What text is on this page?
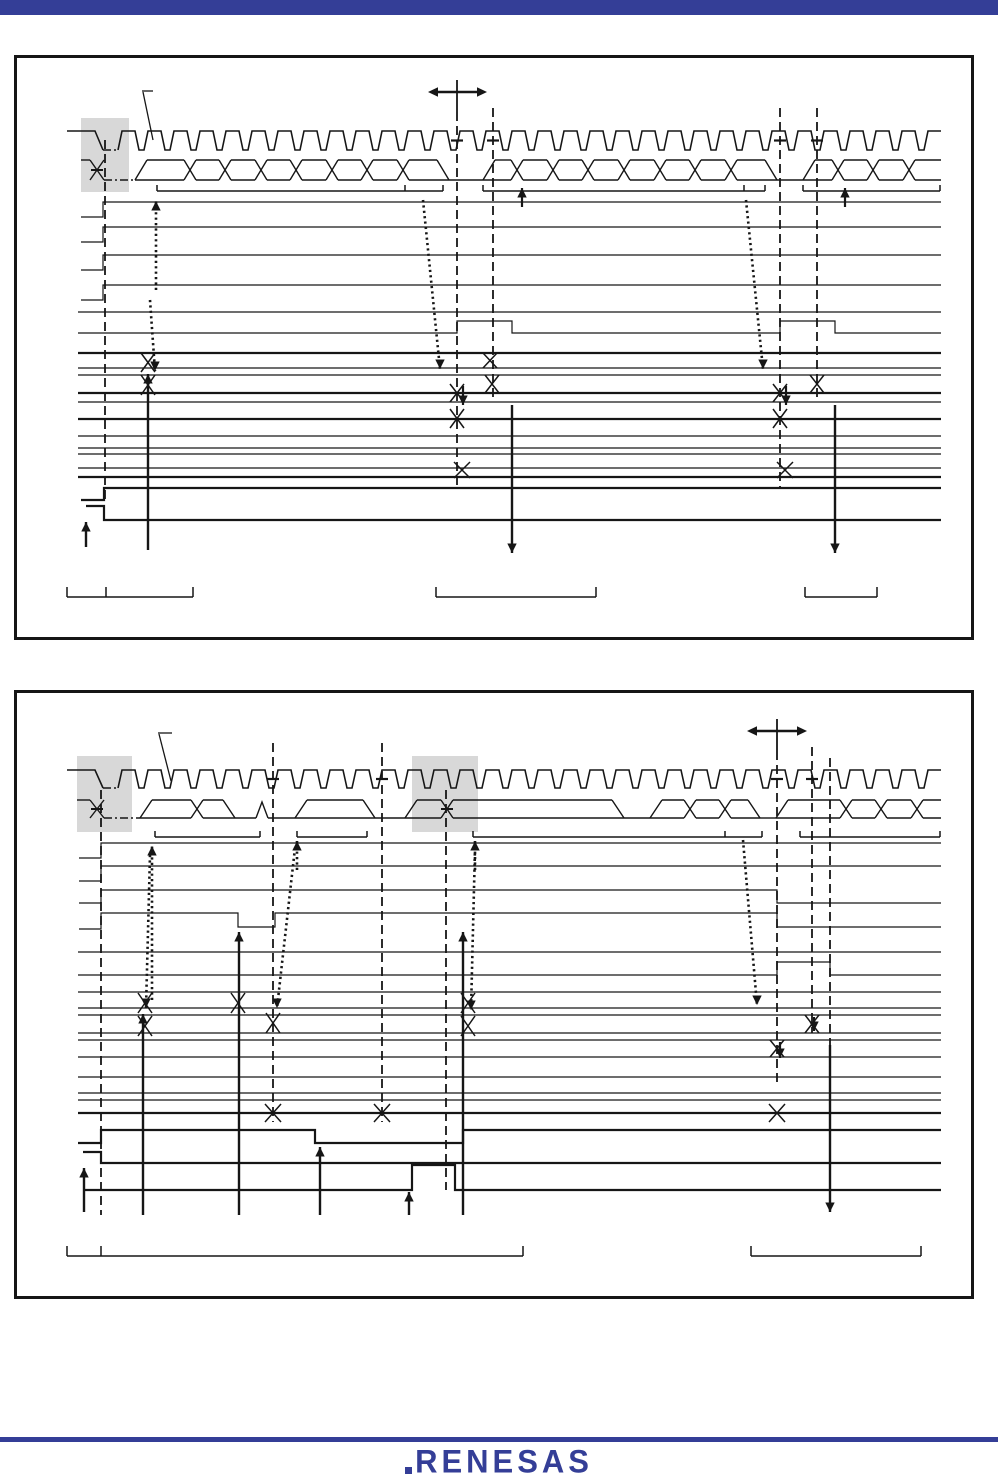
RENESAS
